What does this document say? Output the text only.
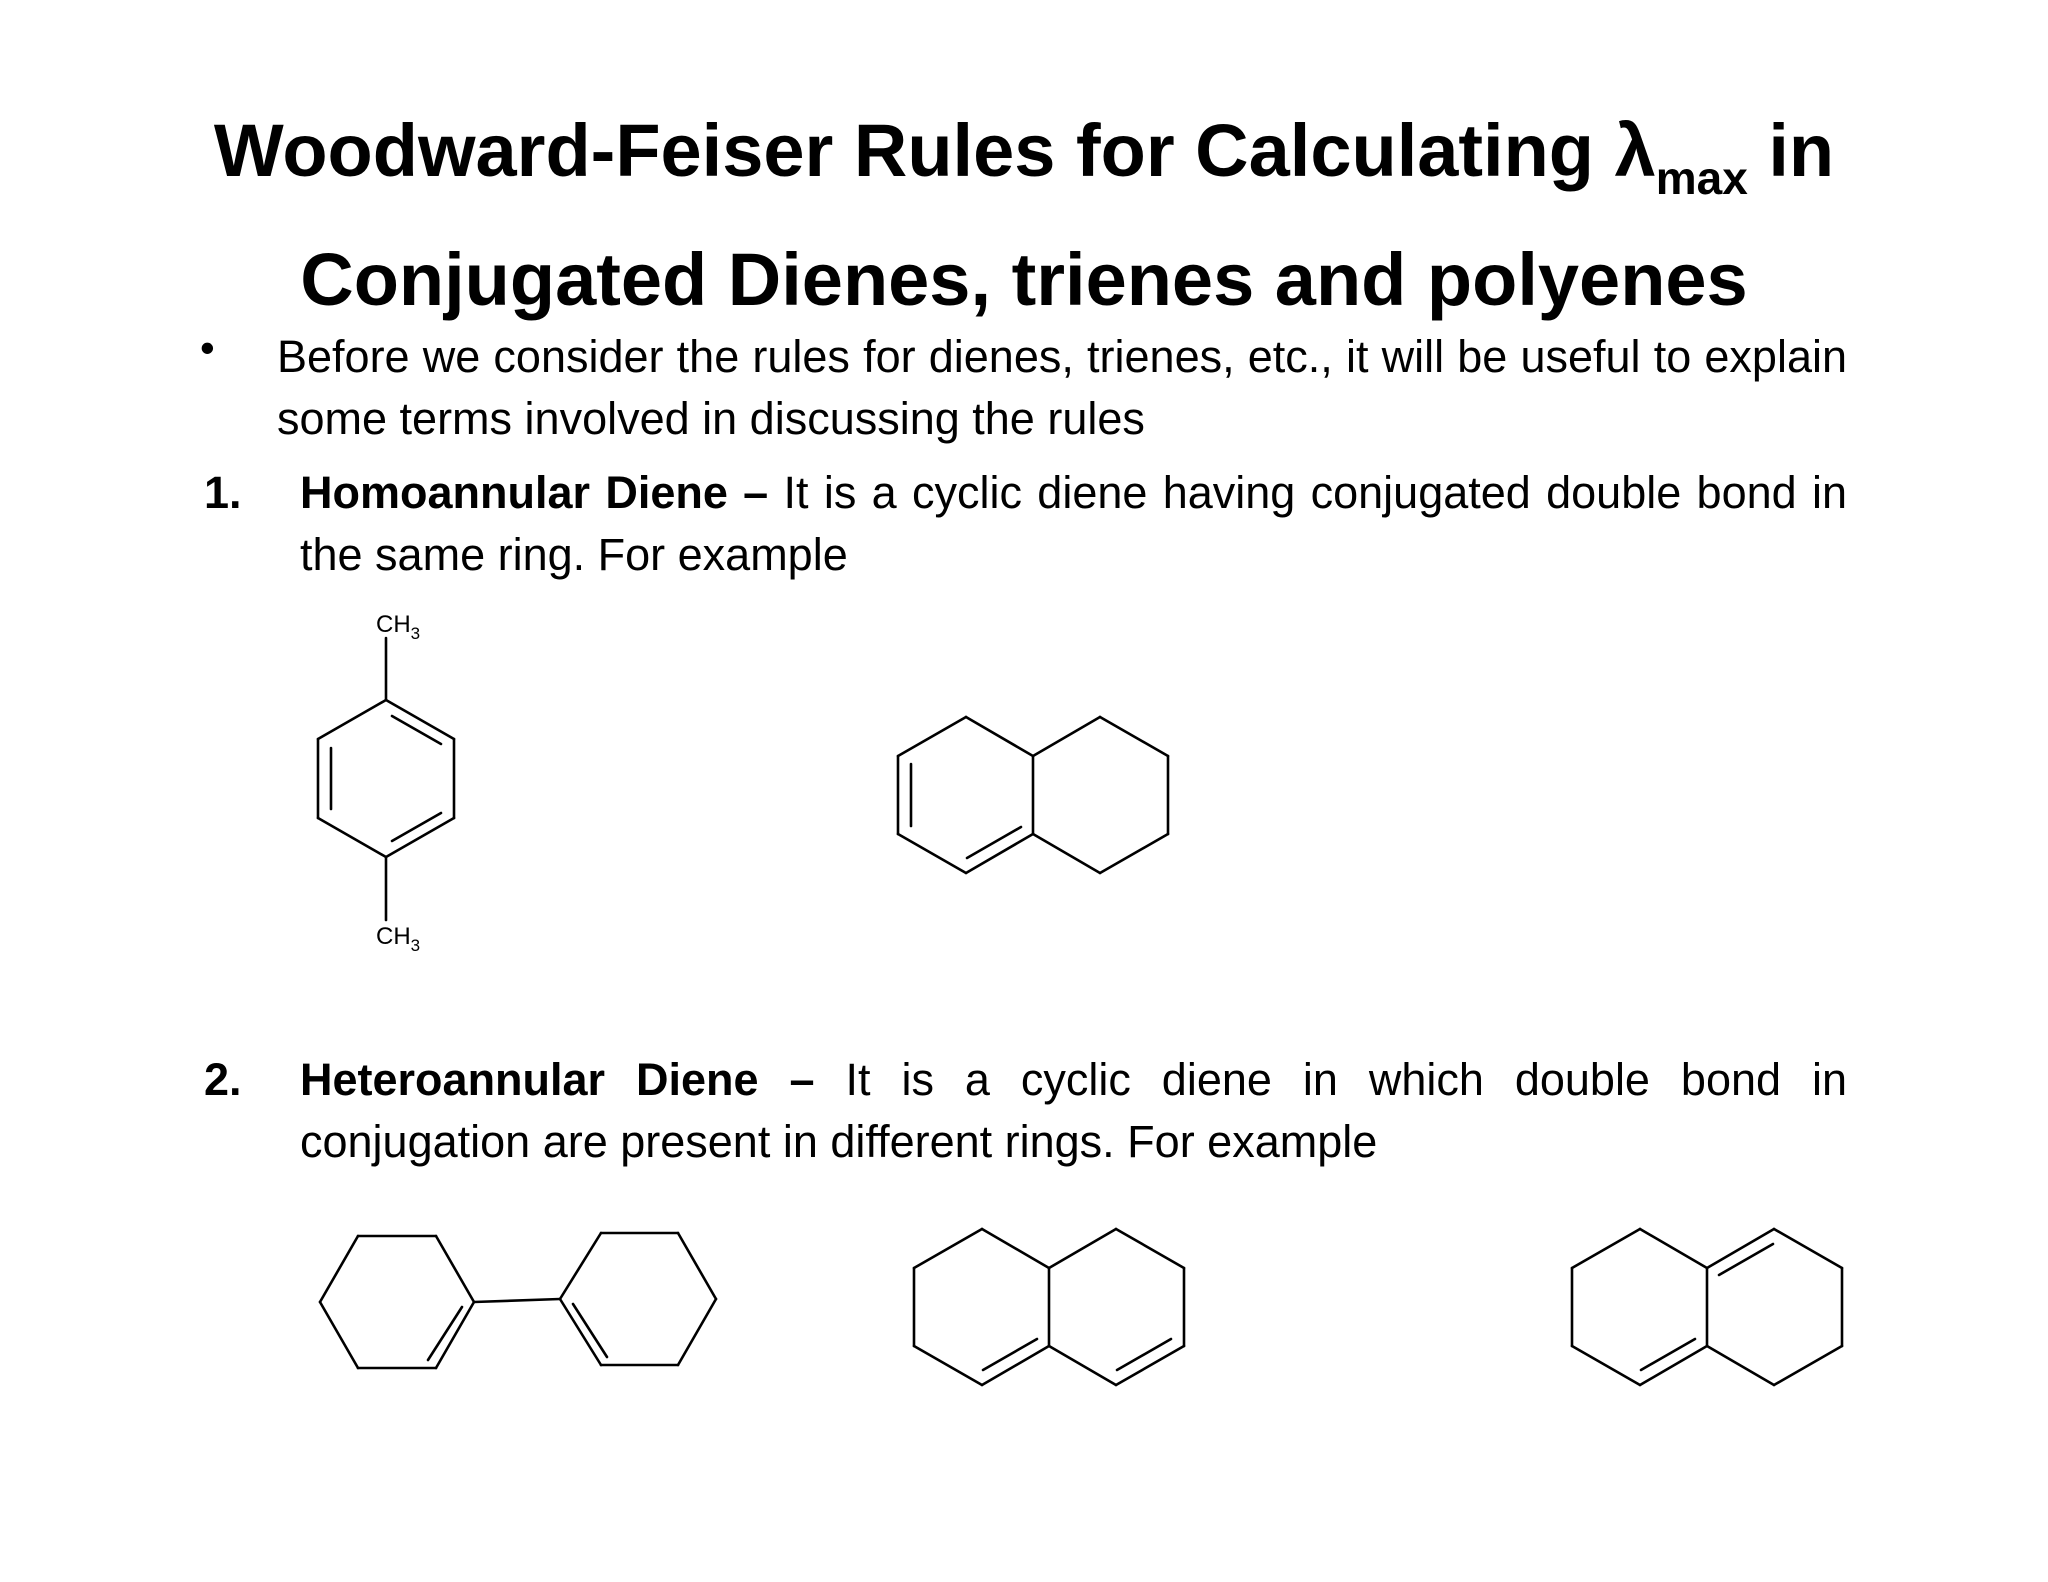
Woodward-Feiser Rules for Calculating $\lambda_{max}$ in
Conjugated Dienes, trienes and polyenes
• Before we consider the rules for dienes, trienes, etc., it will be useful to explain some terms involved in discussing the rules
1. Homoannular Diene – It is a cyclic diene having conjugated double bond in the same ring. For example
2. Heteroannular Diene – It is a cyclic diene in which double bond in conjugation are present in different rings. For example
$CH_3$
$CH_3$
